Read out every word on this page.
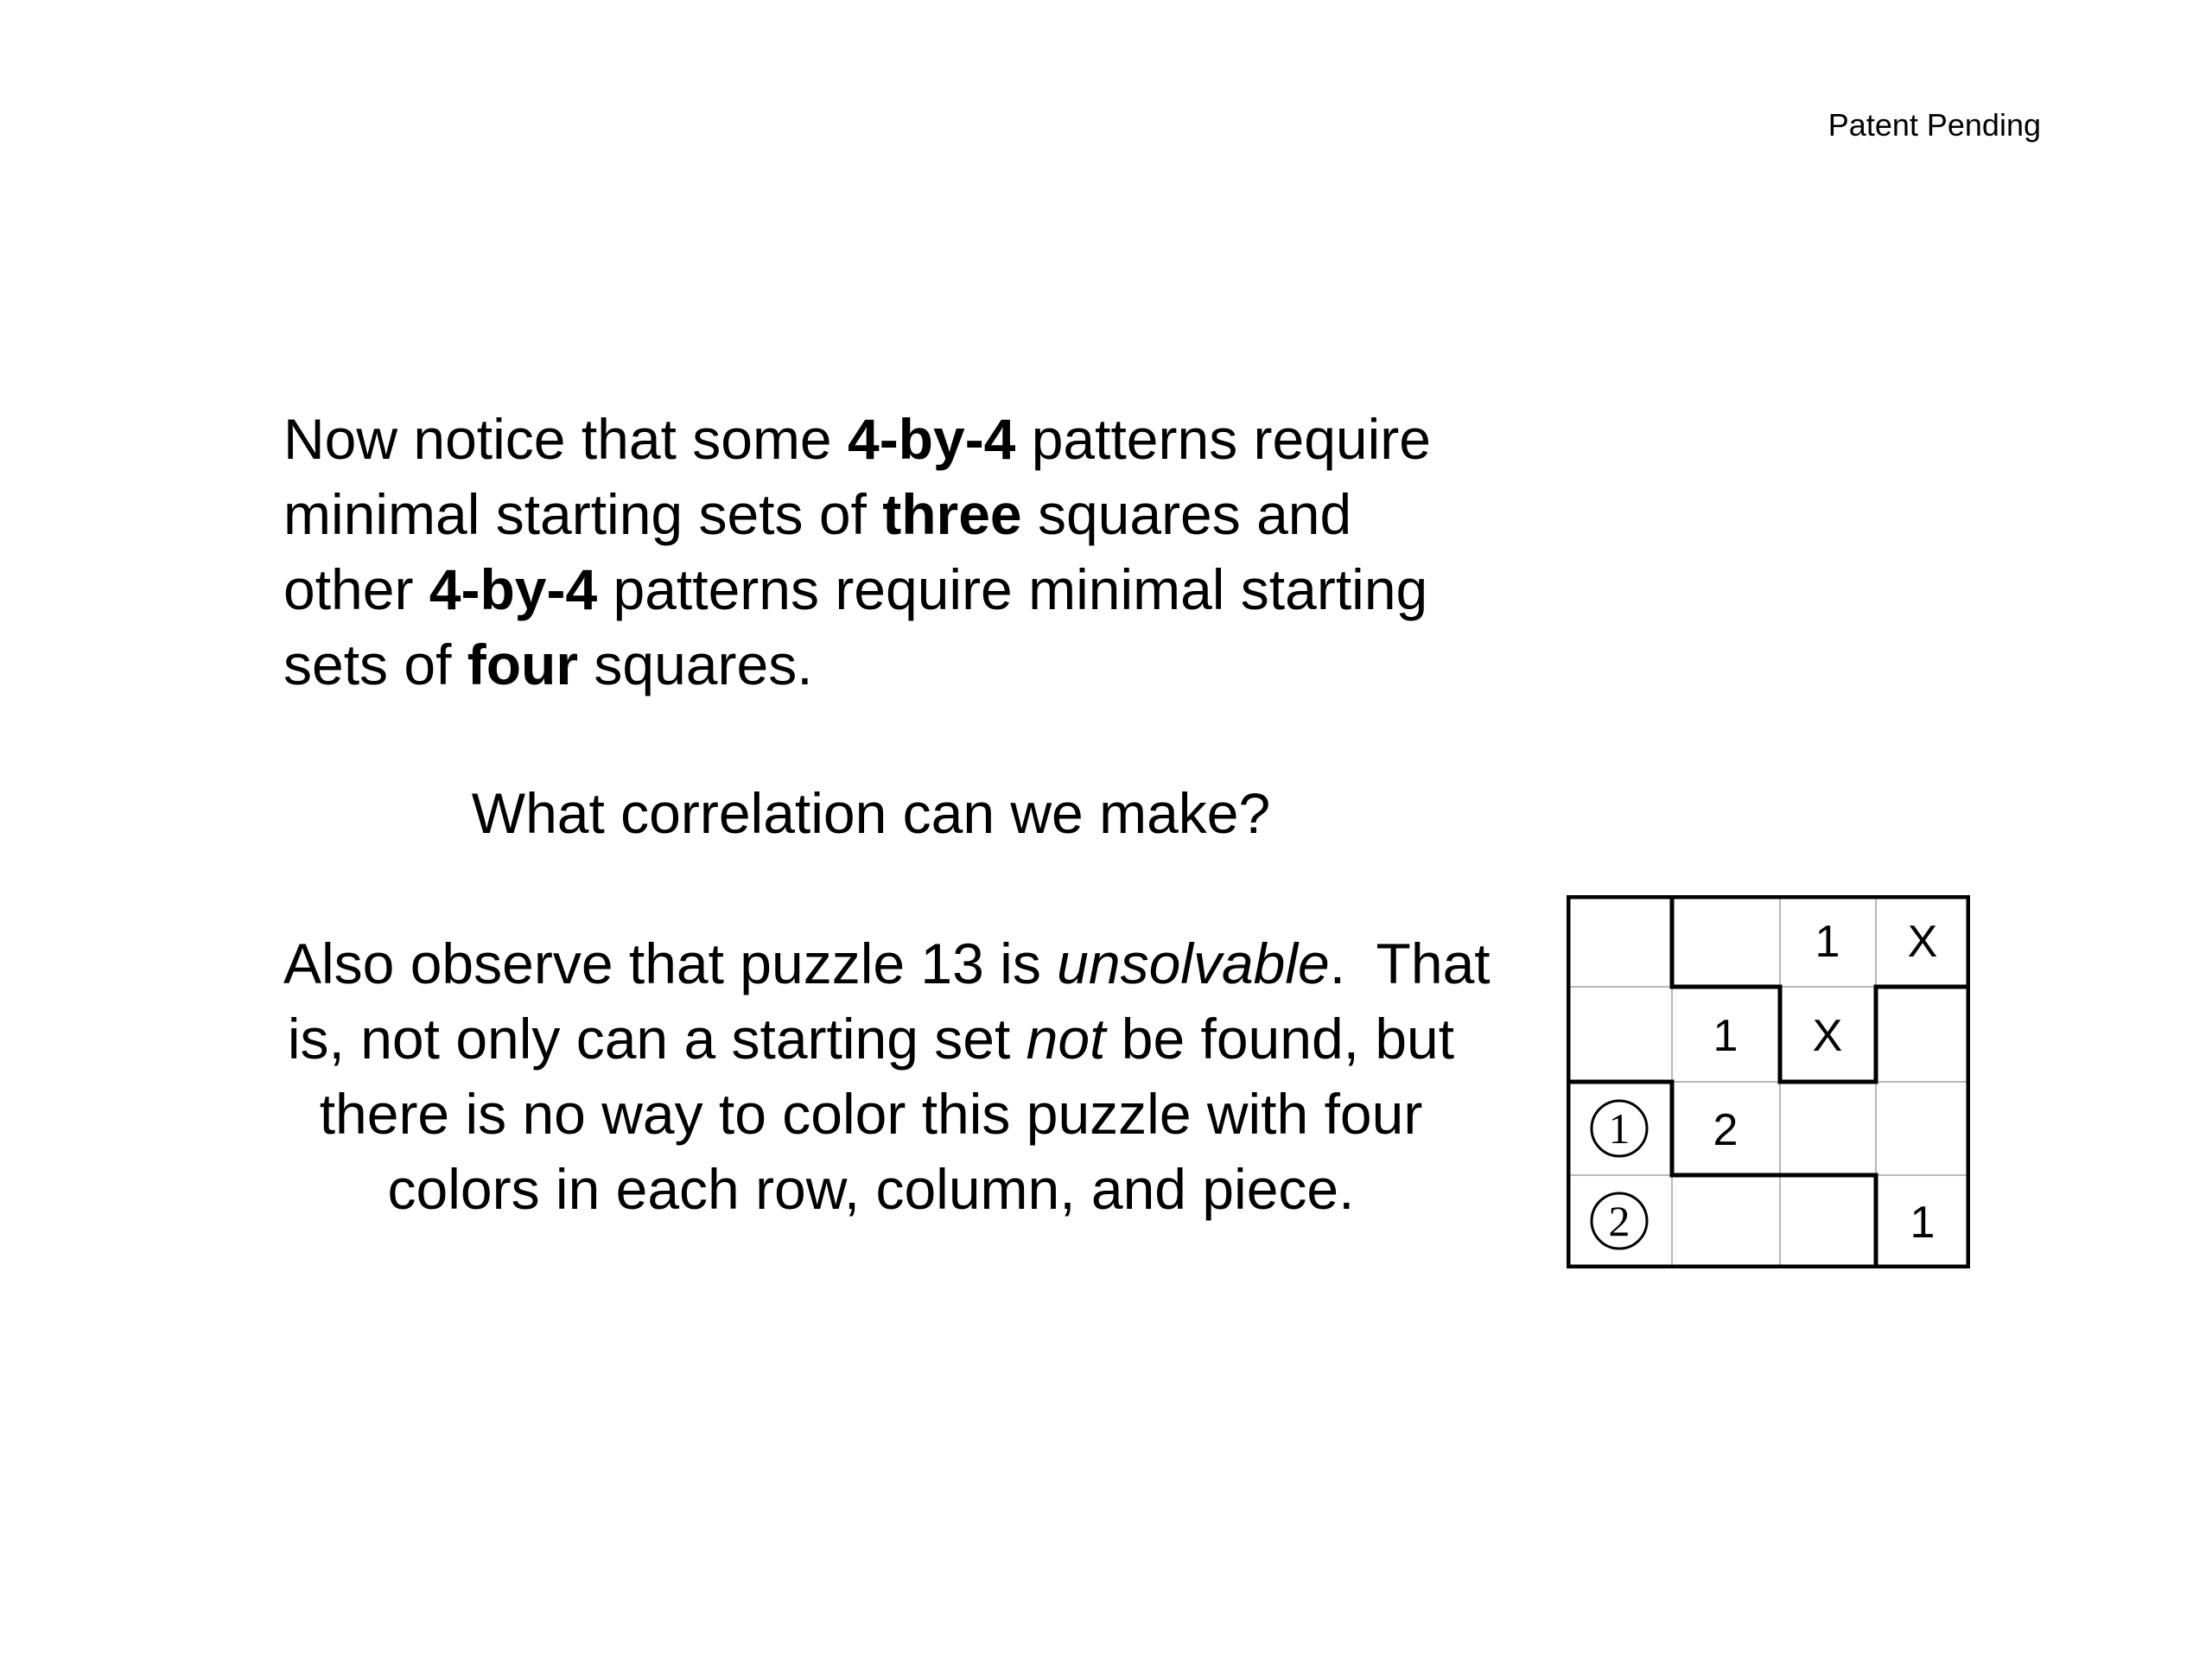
Patent Pending
Now notice that some 4-by-4 patterns require
minimal starting sets of three squares and
other 4-by-4 patterns require minimal starting
sets of four squares.
What correlation can we make?
Also observe that puzzle 13 is unsolvable.  That
is, not only can a starting set not be found, but
there is no way to color this puzzle with four
colors in each row, column, and piece.
1 X
1 X
2
1
1
2
